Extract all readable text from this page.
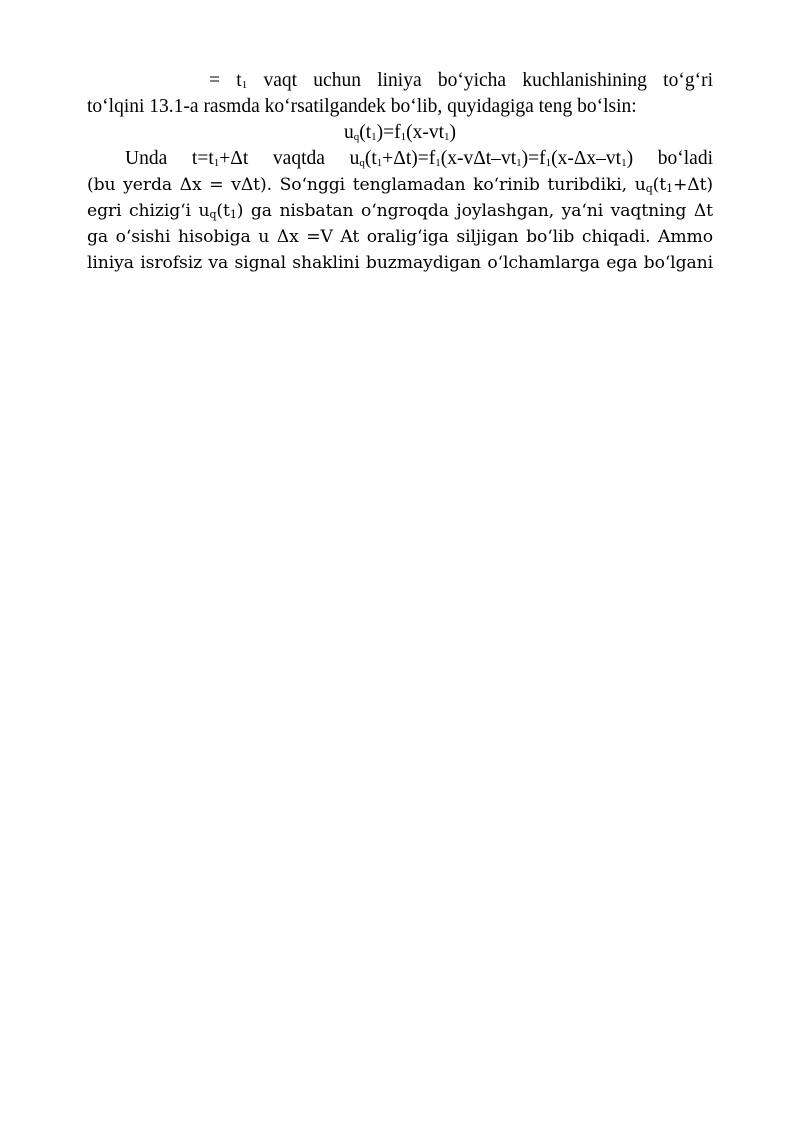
= $t_1$ vaqt uchun liniya bo‘yicha kuchlanishining to‘g‘ri
to‘lqini 13.1-a rasmda ko‘rsatilgandek bo‘lib, quyidagiga teng bo‘lsin:
$u_q(t_1)=f_1(x-vt_1)$
Unda $t=t_1+\Delta t$ vaqtda $u_q(t_1+\Delta t)=f_1(x-v\Delta t-vt_1)=f_1(x-\Delta x-vt_1)$ bo‘ladi
(bu yerda Δx = vΔt). So‘nggi tenglamadan ko‘rinib turibdiki, $u_q(t_1+\Delta t)$
egri chizig‘i $u_q(t_1)$ ga nisbatan o‘ngroqda joylashgan, ya‘ni vaqtning Δt
ga o‘sishi hisobiga u Δx =V At oralig‘iga siljigan bo‘lib chiqadi. Ammo
liniya isrofsiz va signal shaklini buzmaydigan o‘lchamlarga ega bo‘lgani
